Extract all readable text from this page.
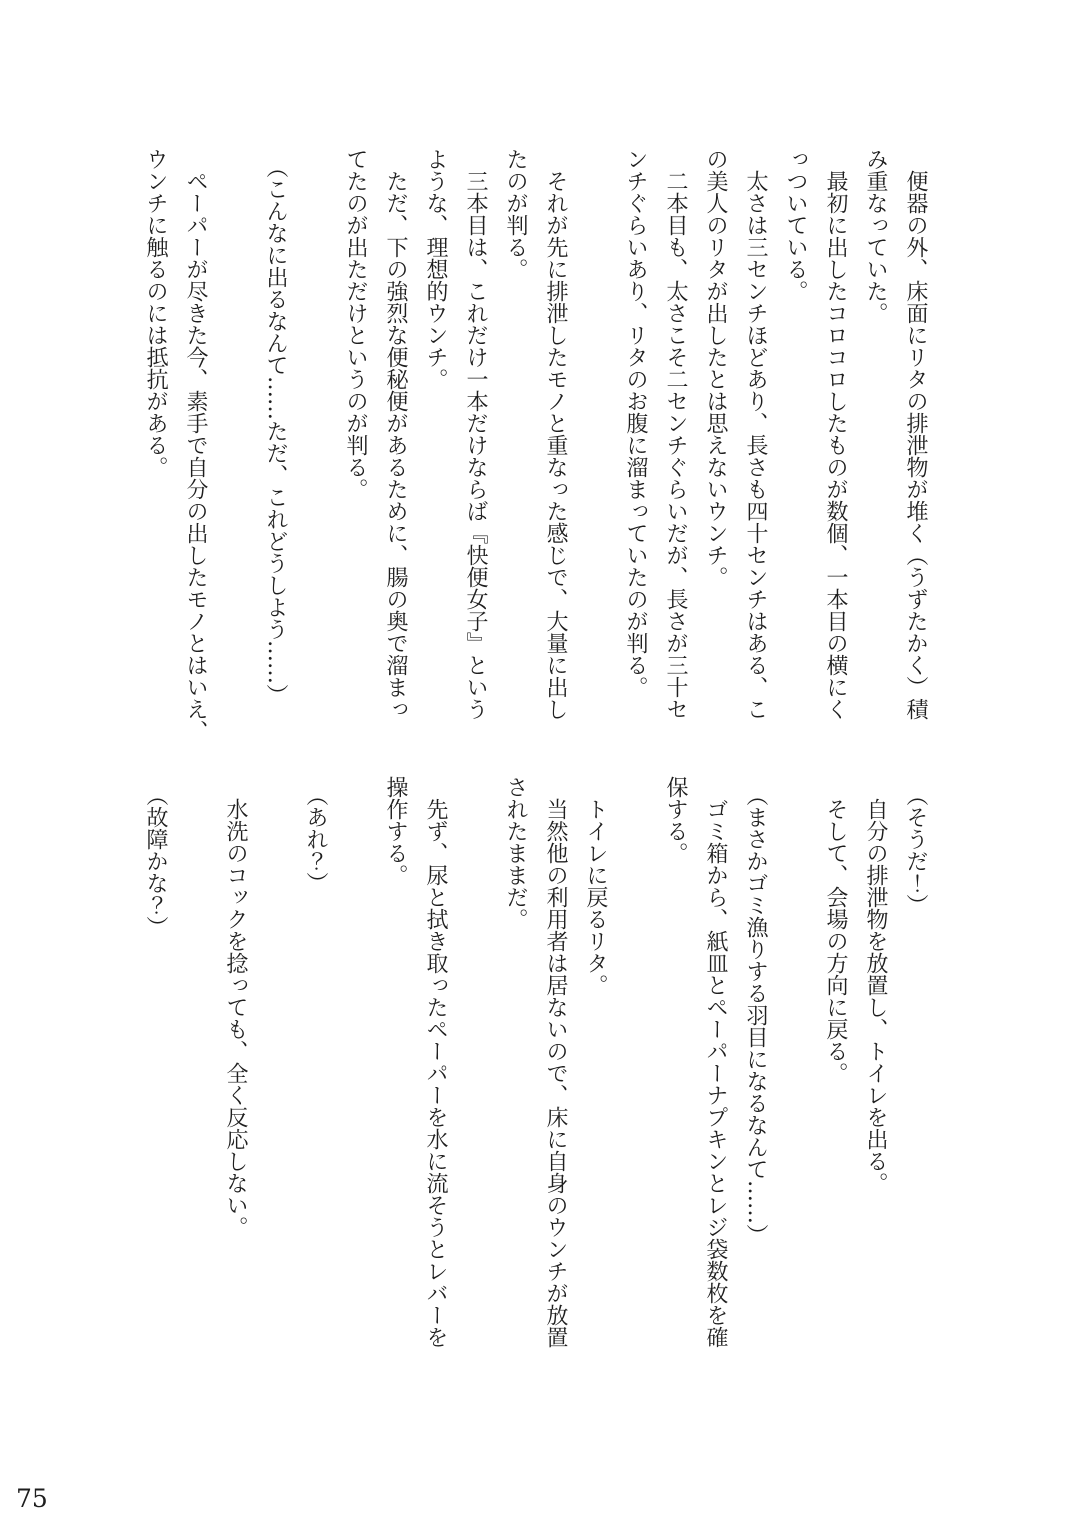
便器の外、床面にリタの排泄物が堆く（うずたかく）積
み重なっていた。
最初に出したコロコロしたものが数個、一本目の横にく
っついている。
太さは三センチほどあり、長さも四十センチはある、こ
の美人のリタが出したとは思えないウンチ。
二本目も、太さこそ二センチぐらいだが、長さが三十セ
ンチぐらいあり、リタのお腹に溜まっていたのが判る。
それが先に排泄したモノと重なった感じで、大量に出し
たのが判る。
三本目は、これだけ一本だけならば『快便女子』という
ような、理想的ウンチ。
ただ、下の強烈な便秘便があるために、腸の奥で溜まっ
てたのが出ただけというのが判る。
（こんなに出るなんて……ただ、これどうしよう……）
ペーパーが尽きた今、素手で自分の出したモノとはいえ、
ウンチに触るのには抵抗がある。
（そうだ！）
自分の排泄物を放置し、トイレを出る。
そして、会場の方向に戻る。
（まさかゴミ漁りする羽目になるなんて……）
ゴミ箱から、紙皿とペーパーナプキンとレジ袋数枚を確
保する。
トイレに戻るリタ。
当然他の利用者は居ないので、床に自身のウンチが放置
されたままだ。
先ず、尿と拭き取ったペーパーを水に流そうとレバーを
操作する。
（あれ？）
水洗のコックを捻っても、全く反応しない。
（故障かな？）
75
